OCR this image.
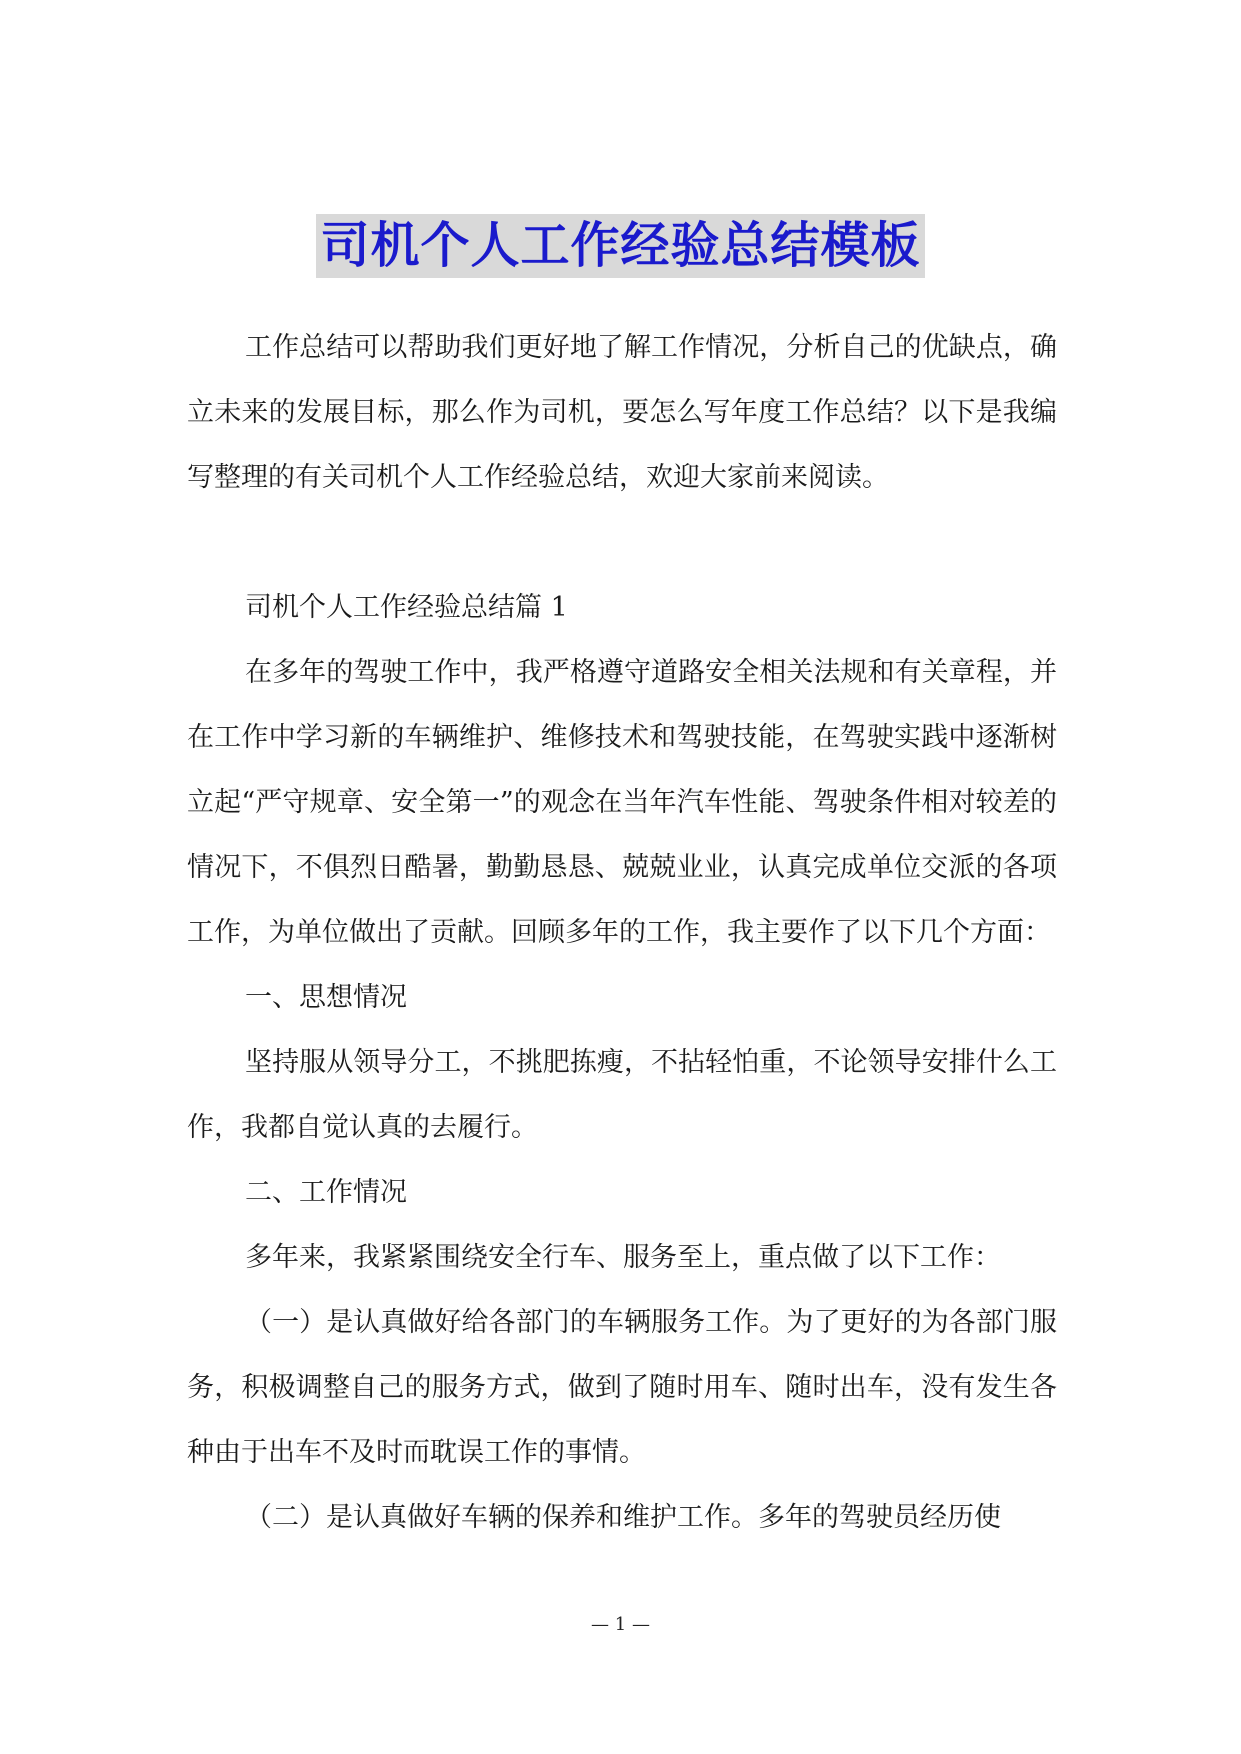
司机个人工作经验总结模板

工作总结可以帮助我们更好地了解工作情况，分析自己的优缺点，确立未来的发展目标，那么作为司机，要怎么写年度工作总结？以下是我编写整理的有关司机个人工作经验总结，欢迎大家前来阅读。

司机个人工作经验总结篇 1

在多年的驾驶工作中，我严格遵守道路安全相关法规和有关章程，并在工作中学习新的车辆维护、维修技术和驾驶技能，在驾驶实践中逐渐树立起“严守规章、安全第一”的观念在当年汽车性能、驾驶条件相对较差的情况下，不俱烈日酷暑，勤勤恳恳、兢兢业业，认真完成单位交派的各项工作，为单位做出了贡献。回顾多年的工作，我主要作了以下几个方面：

一、思想情况

坚持服从领导分工，不挑肥拣瘦，不拈轻怕重，不论领导安排什么工作，我都自觉认真的去履行。

二、工作情况

多年来，我紧紧围绕安全行车、服务至上，重点做了以下工作：

（一）是认真做好给各部门的车辆服务工作。为了更好的为各部门服务，积极调整自己的服务方式，做到了随时用车、随时出车，没有发生各种由于出车不及时而耽误工作的事情。

（二）是认真做好车辆的保养和维护工作。多年的驾驶员经历使

— 1 —
